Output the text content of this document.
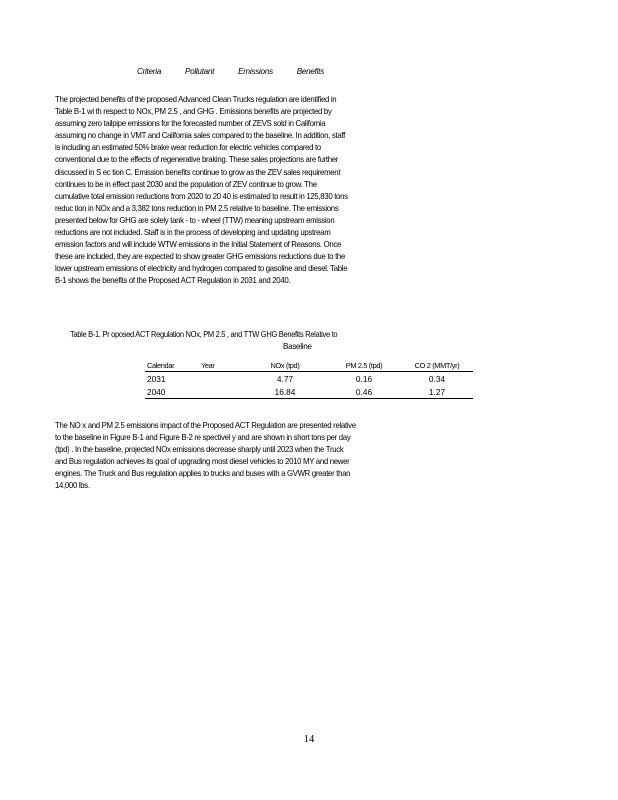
Criteria	Pollutant	Emissions	Benefits

The projected benefits of the proposed Advanced Clean Trucks regulation are identified in

Table B-1 wi th respect to NOx, PM 2.5 , and GHG . Emissions benefits are projected by

assuming zero tailpipe emissions for the forecasted number of ZEVS sold in California

assuming no change in VMT and California sales compared to the baseline. In addition, staff

is including an estimated 50% brake wear reduction for electric vehicles compared to

conventional due to the effects of regenerative braking. These sales projections are further

discussed in S ec tion C. Emission benefits continue to grow as the ZEV sales requirement

continues to be in effect past 2030 and the population of ZEV continue to grow. The

cumulative total emission reductions from 2020 to 20 40 is estimated to result in 125,830 tons

reduc tion in NOx and a 3,382 tons reduction in PM 2.5 relative to baseline. The emissions

presented below for GHG are solely tank - to - wheel (TTW) meaning upstream emission

reductions are not included. Staff is in the process of developing and updating upstream

emission factors and will include WTW emissions in the Initial Statement of Reasons. Once

these are included, they are expected to show greater GHG emissions reductions due to the

lower upstream emissions of electricity and hydrogen compared to gasoline and diesel. Table

B-1 shows the benefits of the Proposed ACT Regulation in 2031 and 2040.

Table B-1. Pr oposed ACT Regulation NOx, PM 2.5 , and TTW GHG Benefits Relative to
Baseline
Calendar	Year	NOx (tpd)	PM 2.5 (tpd)	CO 2 (MMT/yr)
2031		4.77	0.16	0.34
2040		16.84	0.46	1.27

The NO x and PM 2.5 emissions impact of the Proposed ACT Regulation are presented relative

to the baseline in Figure B-1 and Figure B-2 re spectivel y and are shown in short tons per day

(tpd) . In the baseline, projected NOx emissions decrease sharply until 2023 when the Truck

and Bus regulation achieves its goal of upgrading most diesel vehicles to 2010 MY and newer

engines. The Truck and Bus regulation applies to trucks and buses with a GVWR greater than

14,000 lbs.

14
